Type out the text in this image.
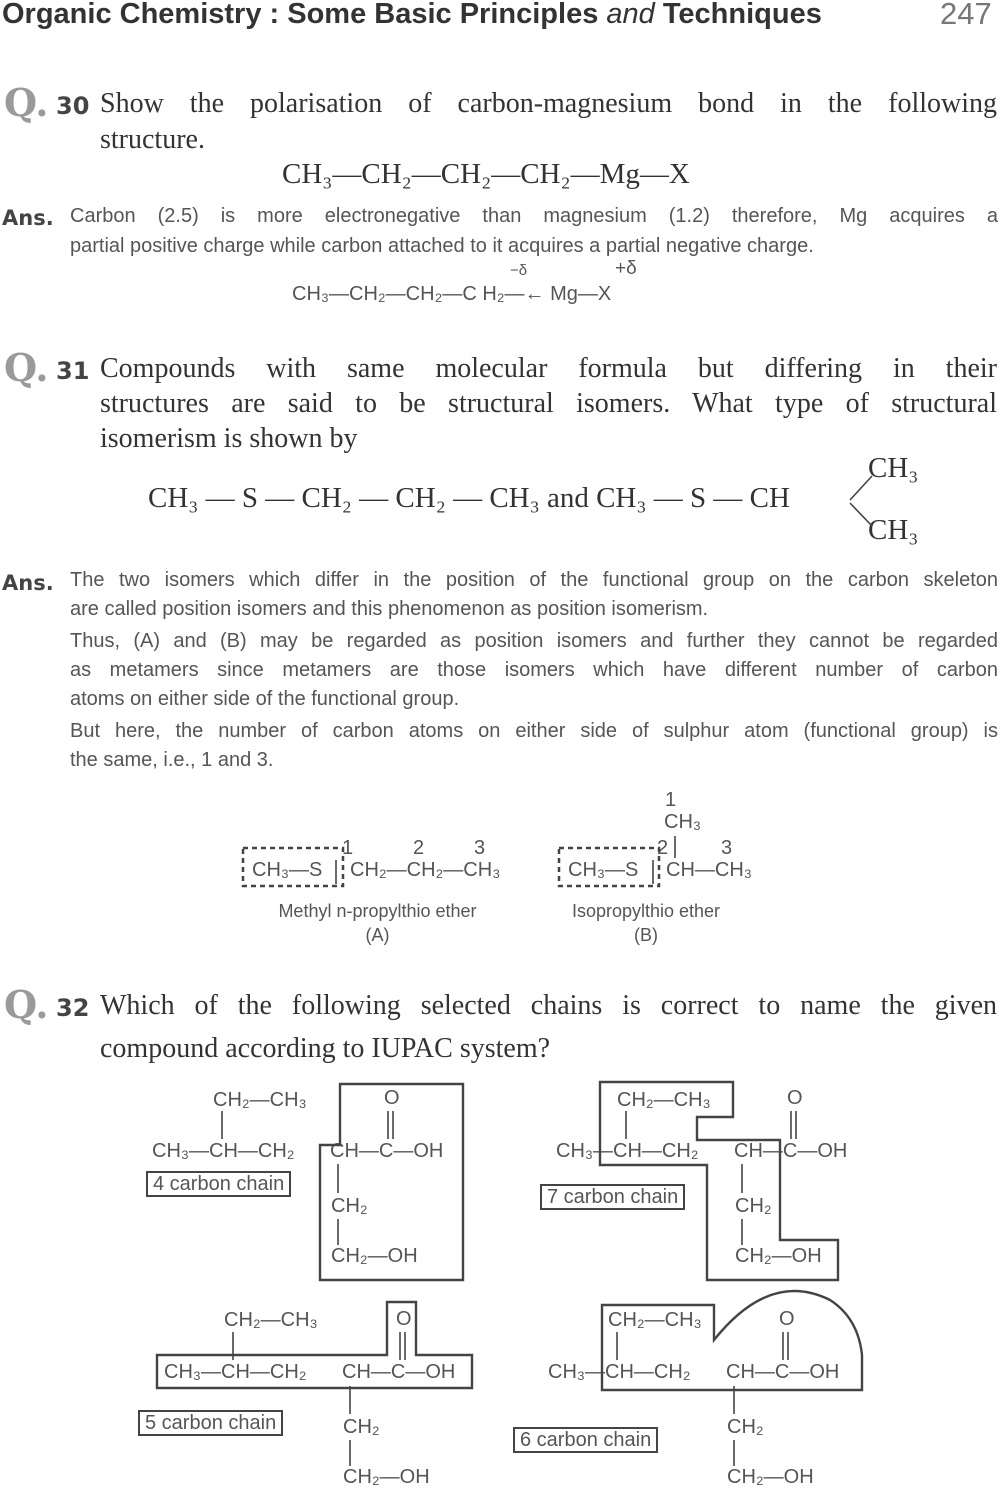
Organic Chemistry : Some Basic Principles and Techniques	247
Q. 30 Show the polarisation of carbon-magnesium bond in the following
structure.
CH₃—CH₂—CH₂—CH₂—Mg—X
Ans. Carbon (2.5) is more electronegative than magnesium (1.2) therefore, Mg acquires a
partial positive charge while carbon attached to it acquires a partial negative charge.
−δ	+δ
CH₃—CH₂—CH₂—C H₂—← Mg—X
Q. 31 Compounds with same molecular formula but differing in their
structures are said to be structural isomers. What type of structural
isomerism is shown by
CH₃ — S — CH₂ — CH₂ — CH₃ and CH₃ — S — CH
CH₃
CH₃
Ans. The two isomers which differ in the position of the functional group on the carbon skeleton
are called position isomers and this phenomenon as position isomerism.
Thus, (A) and (B) may be regarded as position isomers and further they cannot be regarded
as metamers since metamers are those isomers which have different number of carbon
atoms on either side of the functional group.
But here, the number of carbon atoms on either side of sulphur atom (functional group) is
the same, i.e., 1 and 3.
CH₃—S
1	2 3
CH₂—CH₂—CH₃
Methyl n-propylthio ether
(A)
CH₃—S
1
CH₃
2	3
CH—CH₃
Isopropylthio ether
(B)
Q. 32 Which of the following selected chains is correct to name the given
compound according to IUPAC system?
CH₂—CH₃	O
CH₃—CH—CH₂ CH—C—OH
CH₂
CH₂—OH
4 carbon chain
CH₂—CH₃	O
CH₃—CH—CH₂ CH—C—OH
CH₂
CH₂—OH
7 carbon chain
CH₂—CH₃	O
CH₃—CH—CH₂ CH—C—OH
CH₂
CH₂—OH
5 carbon chain
CH₂—CH₃	O
CH₃—CH—CH₂ CH—C—OH
CH₂
CH₂—OH
6 carbon chain
